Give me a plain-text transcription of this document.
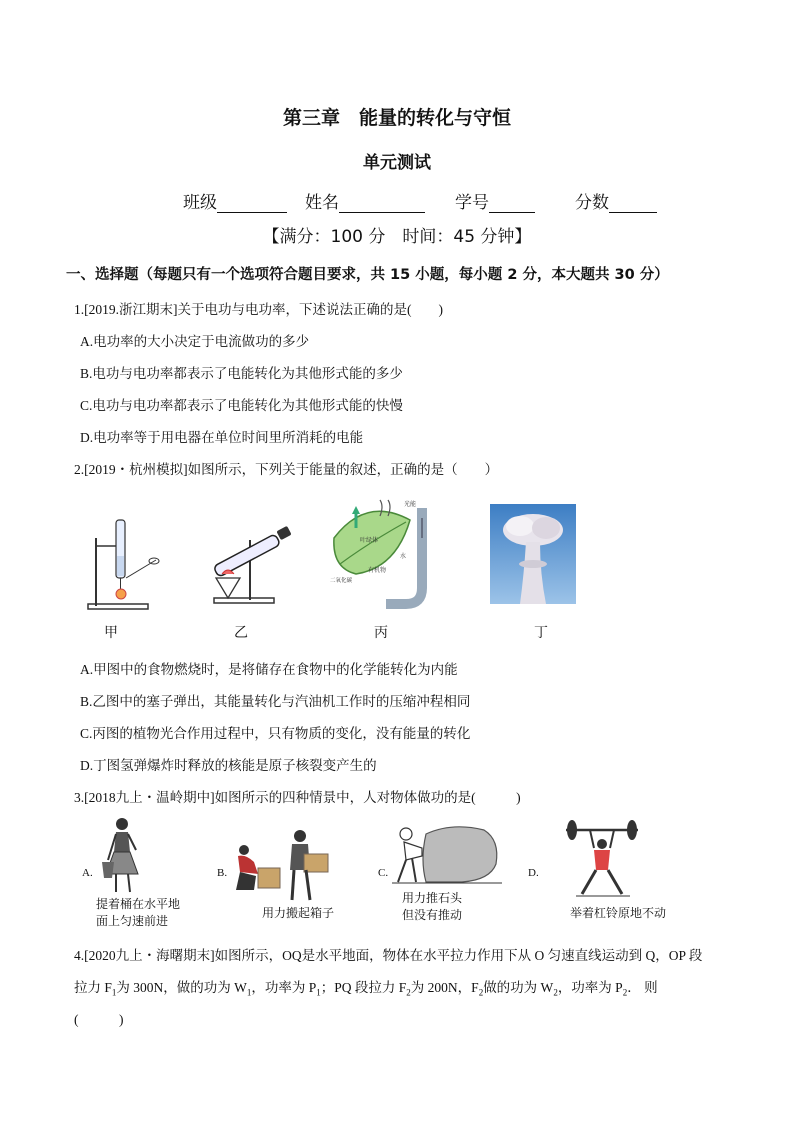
第三章　能量的转化与守恒
单元测试
班级	姓名	学号	分数
【满分：100 分　时间：45 分钟】
一、选择题（每题只有一个选项符合题目要求，共 15 小题，每小题 2 分，本大题共 30 分）
1.[2019.浙江期末]关于电功与电功率，下述说法正确的是(　　)
A.电功率的大小决定于电流做功的多少
B.电功与电功率都表示了电能转化为其他形式能的多少
C.电功与电功率都表示了电能转化为其他形式能的快慢
D.电功率等于用电器在单位时间里所消耗的电能
2.[2019・杭州模拟]如图所示，下列关于能量的叙述，正确的是（　　）
甲	乙
光能
叶绿体
水
二氧化碳
有机物
丙	丁
A.甲图中的食物燃烧时，是将储存在食物中的化学能转化为内能
B.乙图中的塞子弹出，其能量转化与汽油机工作时的压缩冲程相同
C.丙图的植物光合作用过程中，只有物质的变化，没有能量的转化
D.丁图氢弹爆炸时释放的核能是原子核裂变产生的
3.[2018九上・温岭期中]如图所示的四种情景中，人对物体做功的是(　　　)
A.
提着桶在水平地
面上匀速前进
B.
用力搬起箱子
C.
用力推石头
但没有推动
D.
举着杠铃原地不动
4.[2020九上・海曙期末]如图所示，OQ是水平地面，物体在水平拉力作用下从 O 匀速直线运动到 Q，OP 段
拉力 $F_1$为 300N，做的功为 $W_1$，功率为 $P_1$；PQ 段拉力 $F_2$为 200N，$F_2$做的功为 $W_2$，功率为 $P_2$． 则
(　　　)
